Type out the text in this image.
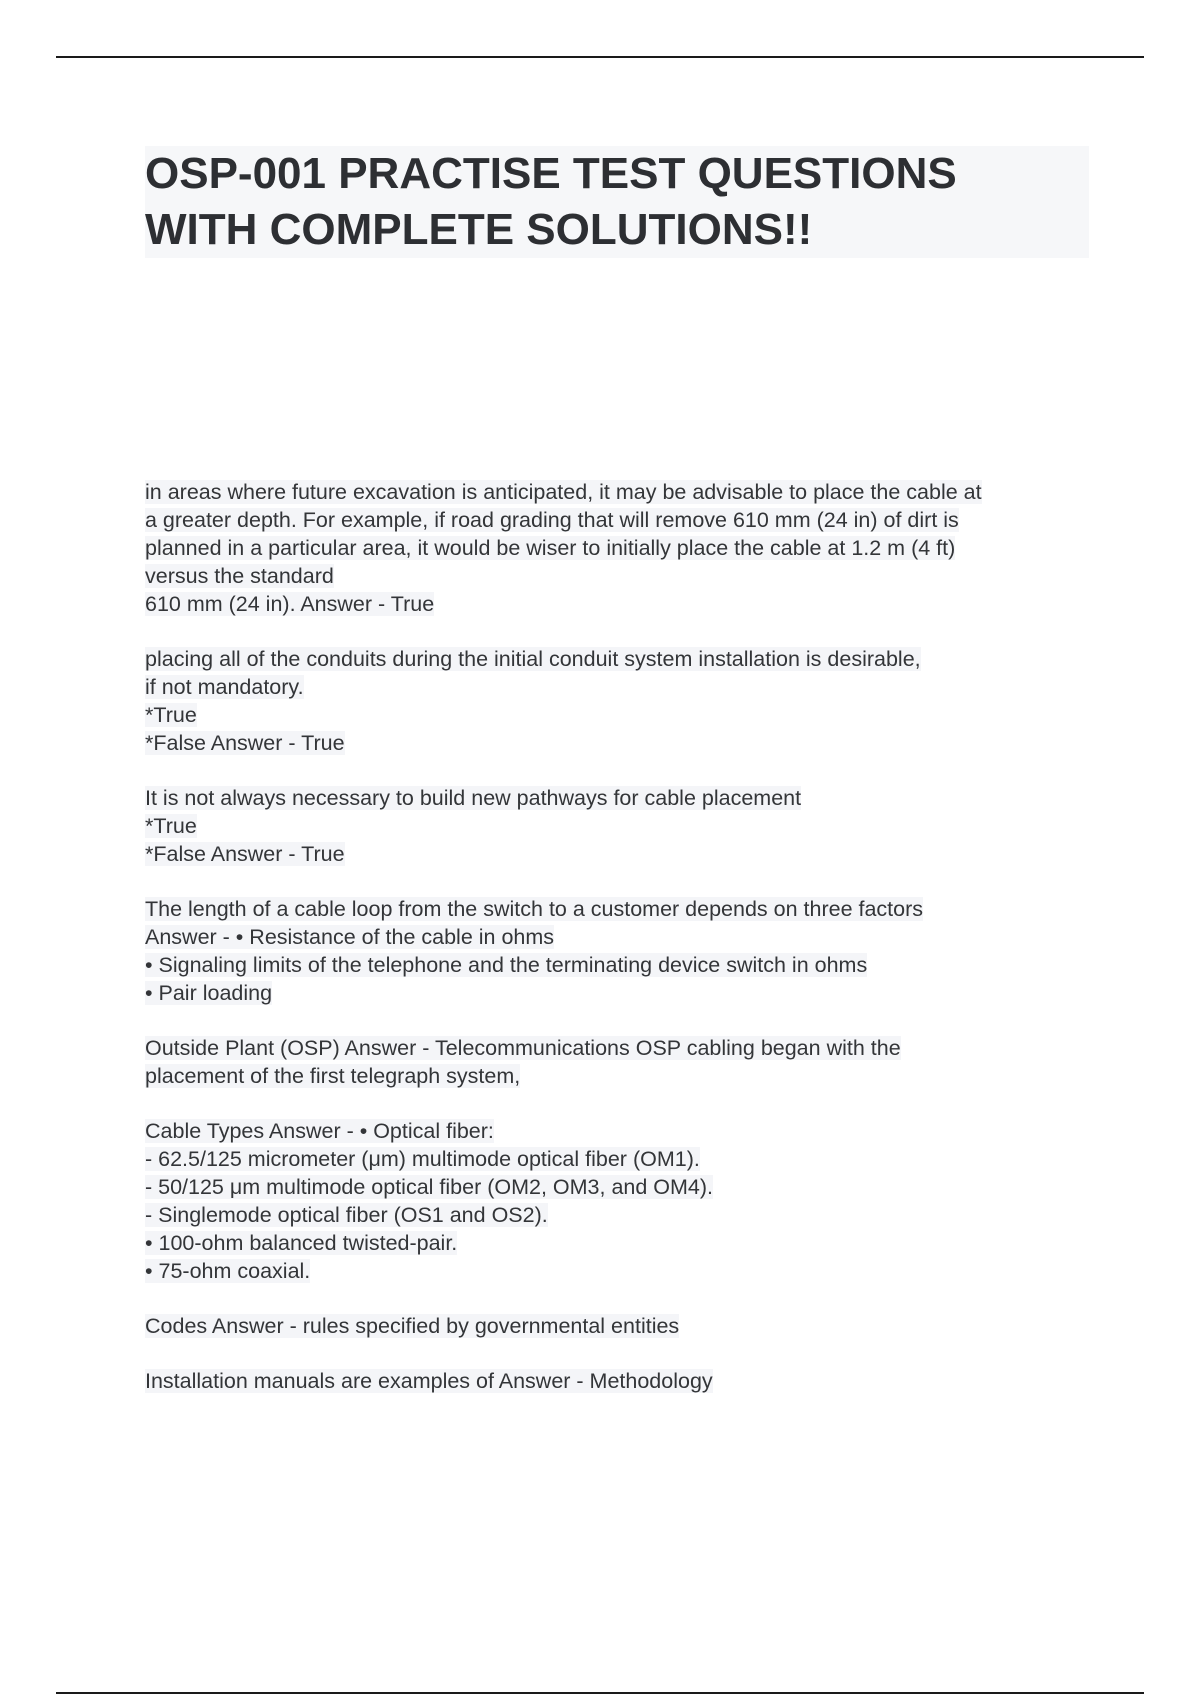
OSP-001 PRACTISE TEST QUESTIONS
WITH COMPLETE SOLUTIONS!!
in areas where future excavation is anticipated, it may be advisable to place the cable at
a greater depth. For example, if road grading that will remove 610 mm (24 in) of dirt is
planned in a particular area, it would be wiser to initially place the cable at 1.2 m (4 ft)
versus the standard
610 mm (24 in). Answer - True
placing all of the conduits during the initial conduit system installation is desirable,
if not mandatory.
*True
*False Answer - True
It is not always necessary to build new pathways for cable placement
*True
*False Answer - True
The length of a cable loop from the switch to a customer depends on three factors
Answer - • Resistance of the cable in ohms
• Signaling limits of the telephone and the terminating device switch in ohms
• Pair loading
Outside Plant (OSP) Answer - Telecommunications OSP cabling began with the
placement of the first telegraph system,
Cable Types Answer - • Optical fiber:
- 62.5/125 micrometer (μm) multimode optical fiber (OM1).
- 50/125 μm multimode optical fiber (OM2, OM3, and OM4).
- Singlemode optical fiber (OS1 and OS2).
• 100-ohm balanced twisted-pair.
• 75-ohm coaxial.
Codes Answer - rules specified by governmental entities
Installation manuals are examples of Answer - Methodology
